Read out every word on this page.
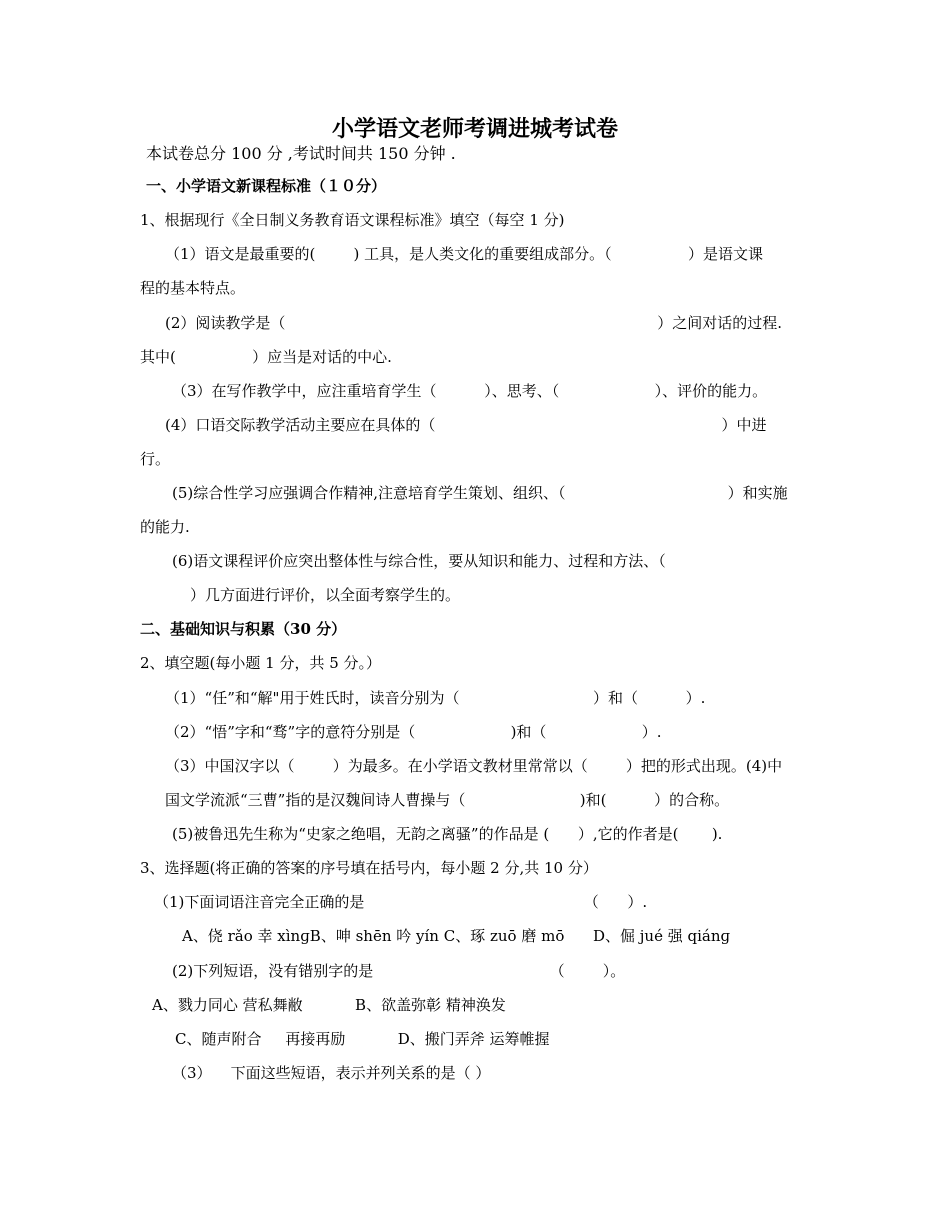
小学语文老师考调进城考试卷
本试卷总分 100 分 ,考试时间共 150 分钟 .
一、小学语文新课程标准（１０分）
1、根据现行《全日制义务教育语文课程标准》填空（每空 1 分)
（1）语文是最重要的(        ) 工具，是人类文化的重要组成部分。（                ）是语文课
程的基本特点。
(2）阅读教学是（                                                                              ）之间对话的过程.
其中(                ）应当是对话的中心.
（3）在写作教学中，应注重培育学生（          ）、思考、（                    ）、评价的能力。
(4）口语交际教学活动主要应在具体的（                                                            ）中进
行。
(5)综合性学习应强调合作精神,注意培育学生策划、组织、（                                  ）和实施
的能力.
(6)语文课程评价应突出整体性与综合性，要从知识和能力、过程和方法、（
）几方面进行评价，以全面考察学生的。
二、基础知识与积累（30 分）
2、填空题(每小题 1 分，共 5 分。）
（1）“任”和“解"用于姓氏时，读音分别为（                            ）和（          ）.
（2）“悟”字和“骛”字的意符分别是（                    )和（                    ）.
（3）中国汉字以（        ）为最多。在小学语文教材里常常以（        ）把的形式出现。(4)中
国文学流派“三曹”指的是汉魏间诗人曹操与（                        )和(          ）的合称。
(5)被鲁迅先生称为“史家之绝唱，无韵之离骚”的作品是 (      ）,它的作者是(       ).
3、选择题(将正确的答案的序号填在括号内，每小题 2 分,共 10 分）
（1)下面词语注音完全正确的是                                              （      ）.
A、侥 rǎo 幸 xìnɡB、呻 shēn 吟 yín C、琢 zuō 磨 mō      D、倔 jué 强 qiánɡ
(2)下列短语，没有错别字的是                                     （        ）。
A、戮力同心 营私舞敝           B、欲盖弥彰 精神涣发
C、随声附合     再接再励           D、搬门弄斧 运筹帷握
（3）    下面这些短语，表示并列关系的是（ ）
